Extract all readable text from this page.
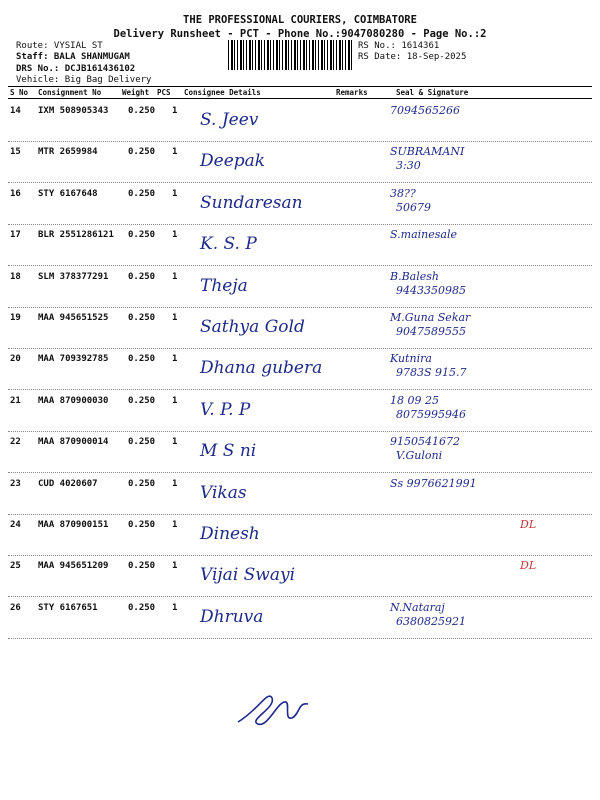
THE PROFESSIONAL COURIERS, COIMBATORE
Delivery Runsheet - PCT - Phone No.:9047080280 - Page No.:2
Route: VYSIAL ST
Staff: BALA SHANMUGAM
DRS No.: DCJB161436102
Vehicle: Big Bag Delivery
RS No.: 1614361
RS Date: 18-Sep-2025
S No Consignment No	Weight PCS Consignee Details	Remarks	Seal & Signature
14 IXM 508905343 0.250 1 S. Jeev	7094565266
15 MTR 2659984	0.250 1 Deepak	SUBRAMANI
3:30
16 STY 6167648	0.250 1 Sundaresan	38??
50679
17 BLR 2551286121 0.250 1 K. S. P	S.mainesale
18 SLM 378377291 0.250 1 Theja	B.Balesh
9443350985
19 MAA 945651525 0.250 1 Sathya Gold	M.Guna Sekar
9047589555
20 MAA 709392785 0.250 1 Dhana gubera	Kutnira
9783S 915.7
21 MAA 870900030 0.250 1 V. P. P	18 09 25
8075995946
22 MAA 870900014 0.250 1 M S ni	9150541672
V.Guloni
23 CUD 4020607	0.250 1 Vikas	Ss 9976621991
24 MAA 870900151 0.250 1 Dinesh	DL
25 MAA 945651209 0.250 1 Vijai Swayi	DL
26 STY 6167651	0.250 1 Dhruva	N.Nataraj
6380825921
